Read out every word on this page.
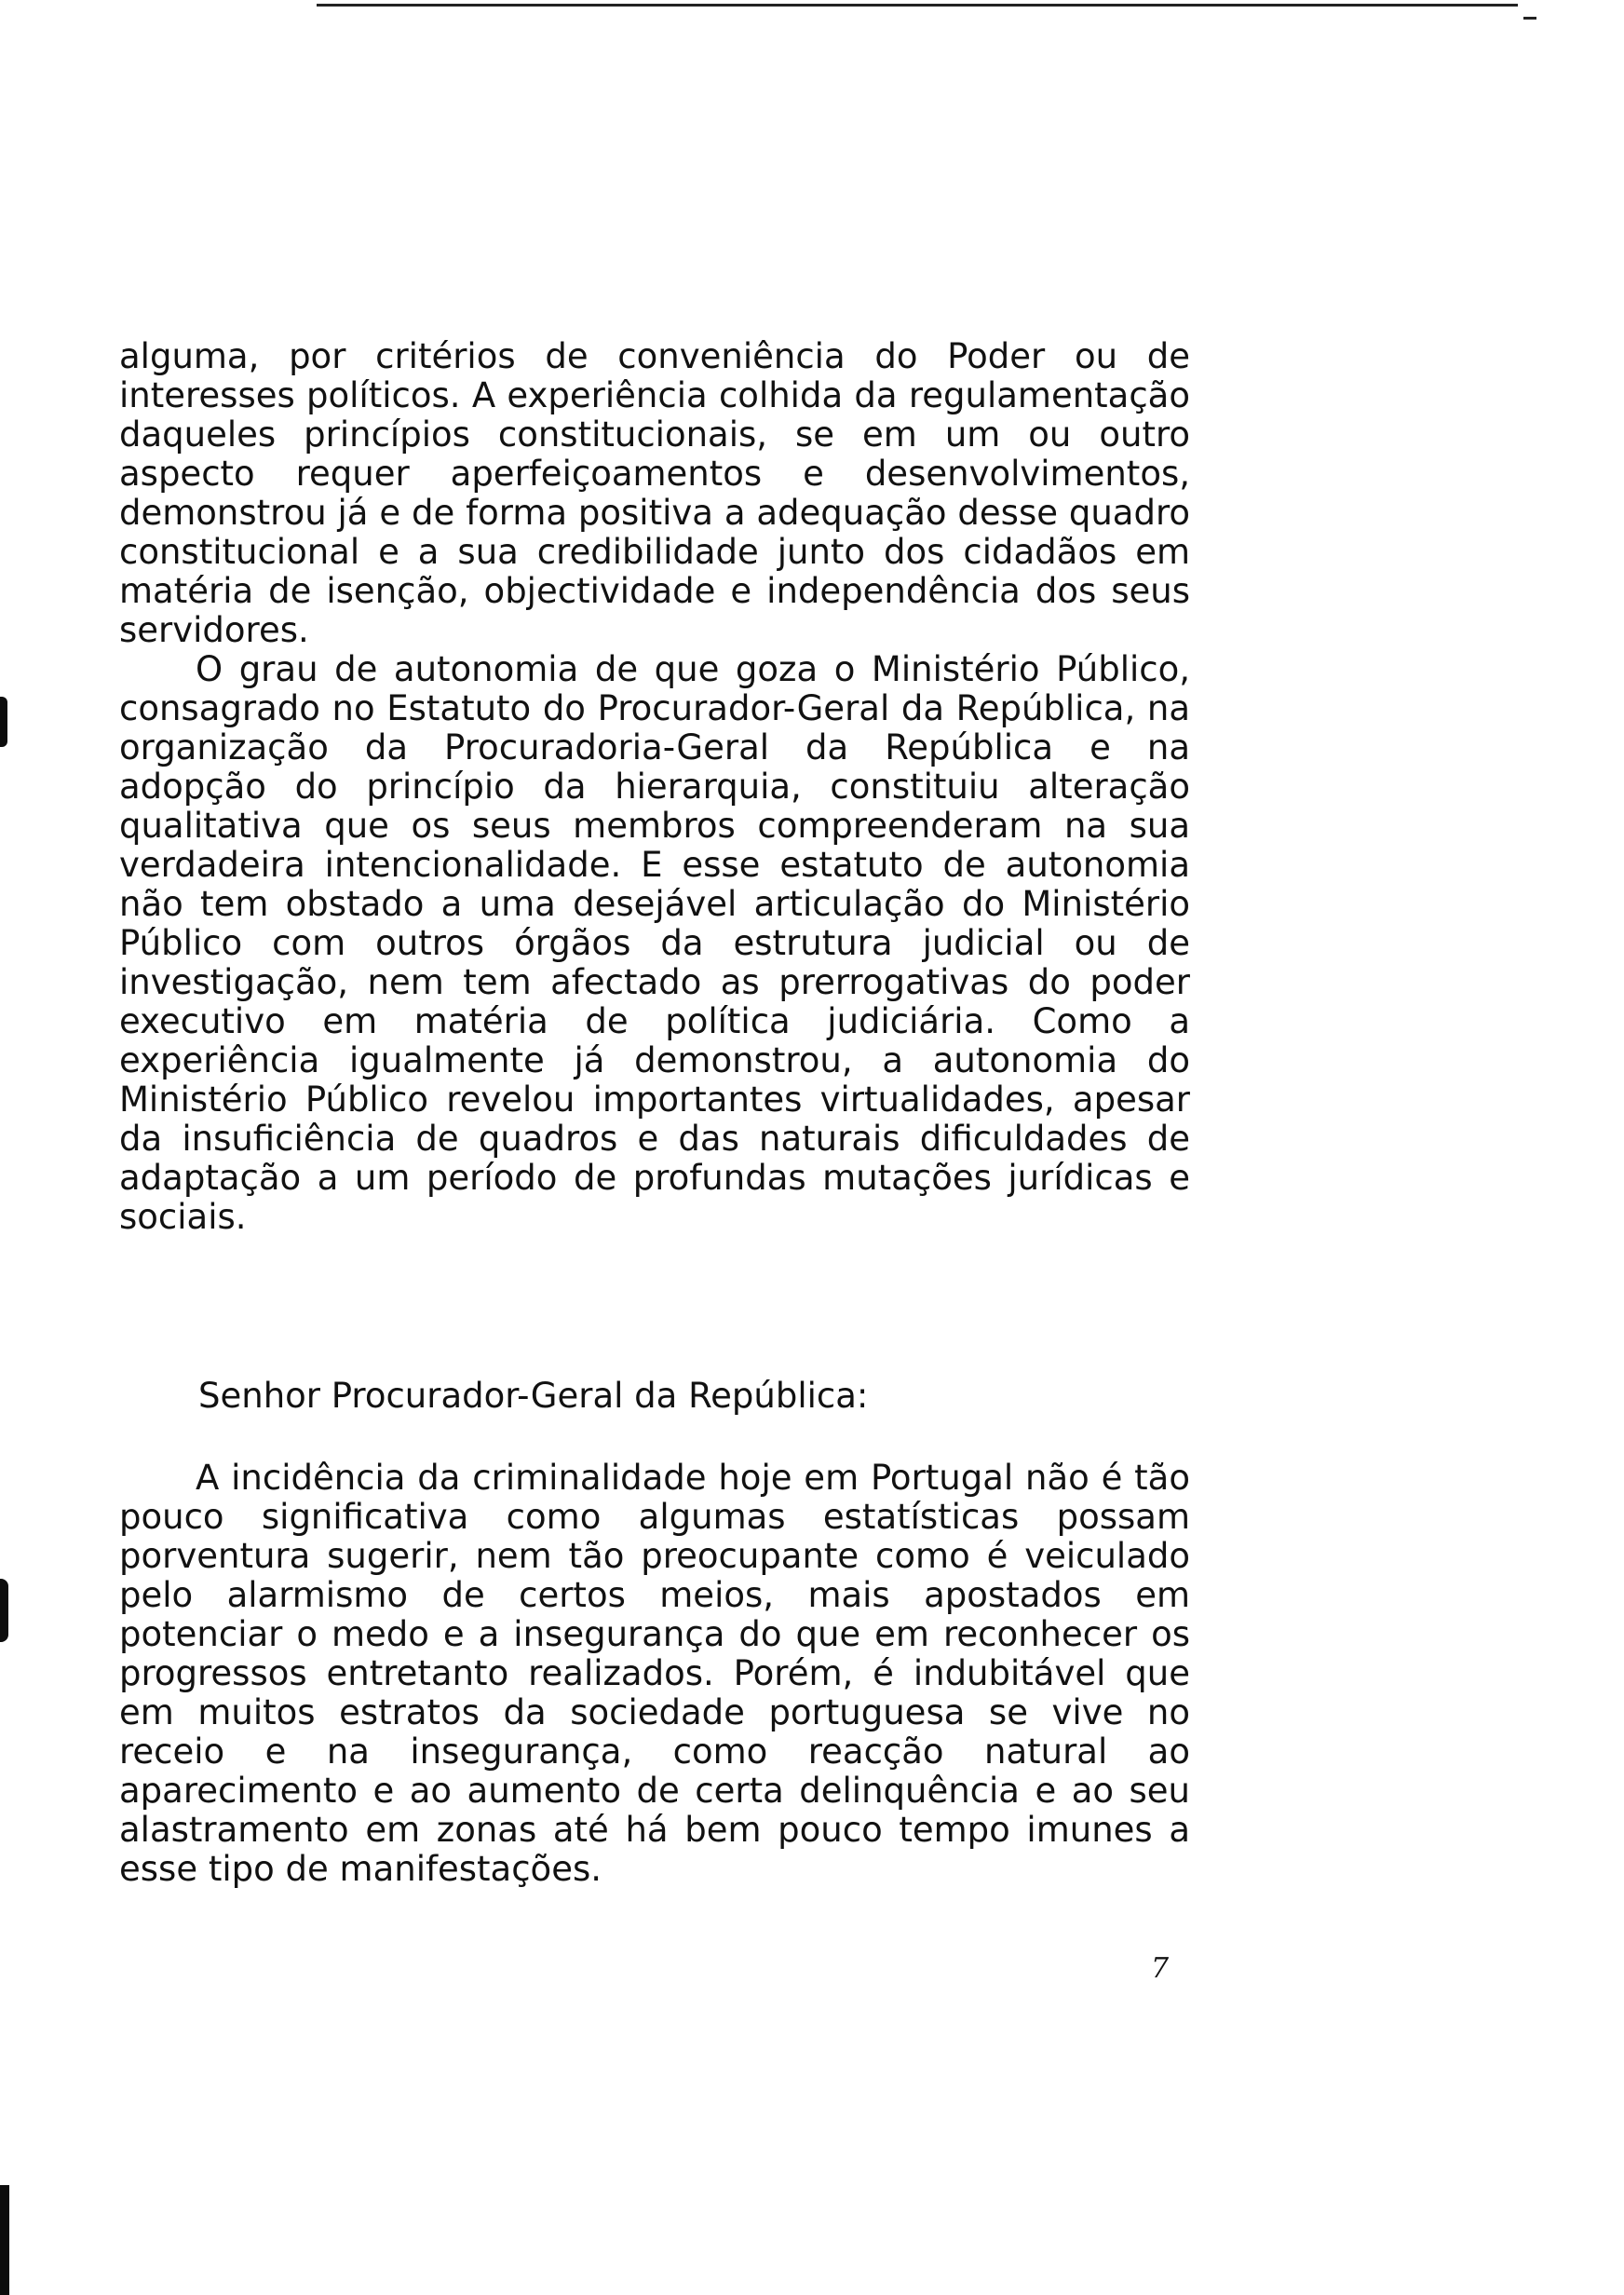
alguma, por critérios de conveniência do Poder ou de interesses políticos. A experiência colhida da regulamentação daqueles princípios constitucionais, se em um ou outro aspecto requer aperfeiçoamentos e desenvolvimentos, demonstrou já e de forma positiva a adequação desse quadro constitucional e a sua credibilidade junto dos cidadãos em matéria de isenção, objectividade e independência dos seus servidores.

O grau de autonomia de que goza o Ministério Público, consagrado no Estatuto do Procurador-Geral da República, na organização da Procuradoria-Geral da República e na adopção do princípio da hierarquia, constituiu alteração qualitativa que os seus membros compreenderam na sua verdadeira intencionalidade. E esse estatuto de autonomia não tem obstado a uma desejável articulação do Ministério Público com outros órgãos da estrutura judicial ou de investigação, nem tem afectado as prerrogativas do poder executivo em matéria de política judiciária. Como a experiência igualmente já demonstrou, a autonomia do Ministério Público revelou importantes virtualidades, apesar da insuficiência de quadros e das naturais dificuldades de adaptação a um período de profundas mutações jurídicas e sociais.

Senhor Procurador-Geral da República:

A incidência da criminalidade hoje em Portugal não é tão pouco significativa como algumas estatísticas possam porventura sugerir, nem tão preocupante como é veiculado pelo alarmismo de certos meios, mais apostados em potenciar o medo e a insegurança do que em reconhecer os progressos entretanto realizados. Porém, é indubitável que em muitos estratos da sociedade portuguesa se vive no receio e na insegurança, como reacção natural ao aparecimento e ao aumento de certa delinquência e ao seu alastramento em zonas até há bem pouco tempo imunes a esse tipo de manifestações.

7
